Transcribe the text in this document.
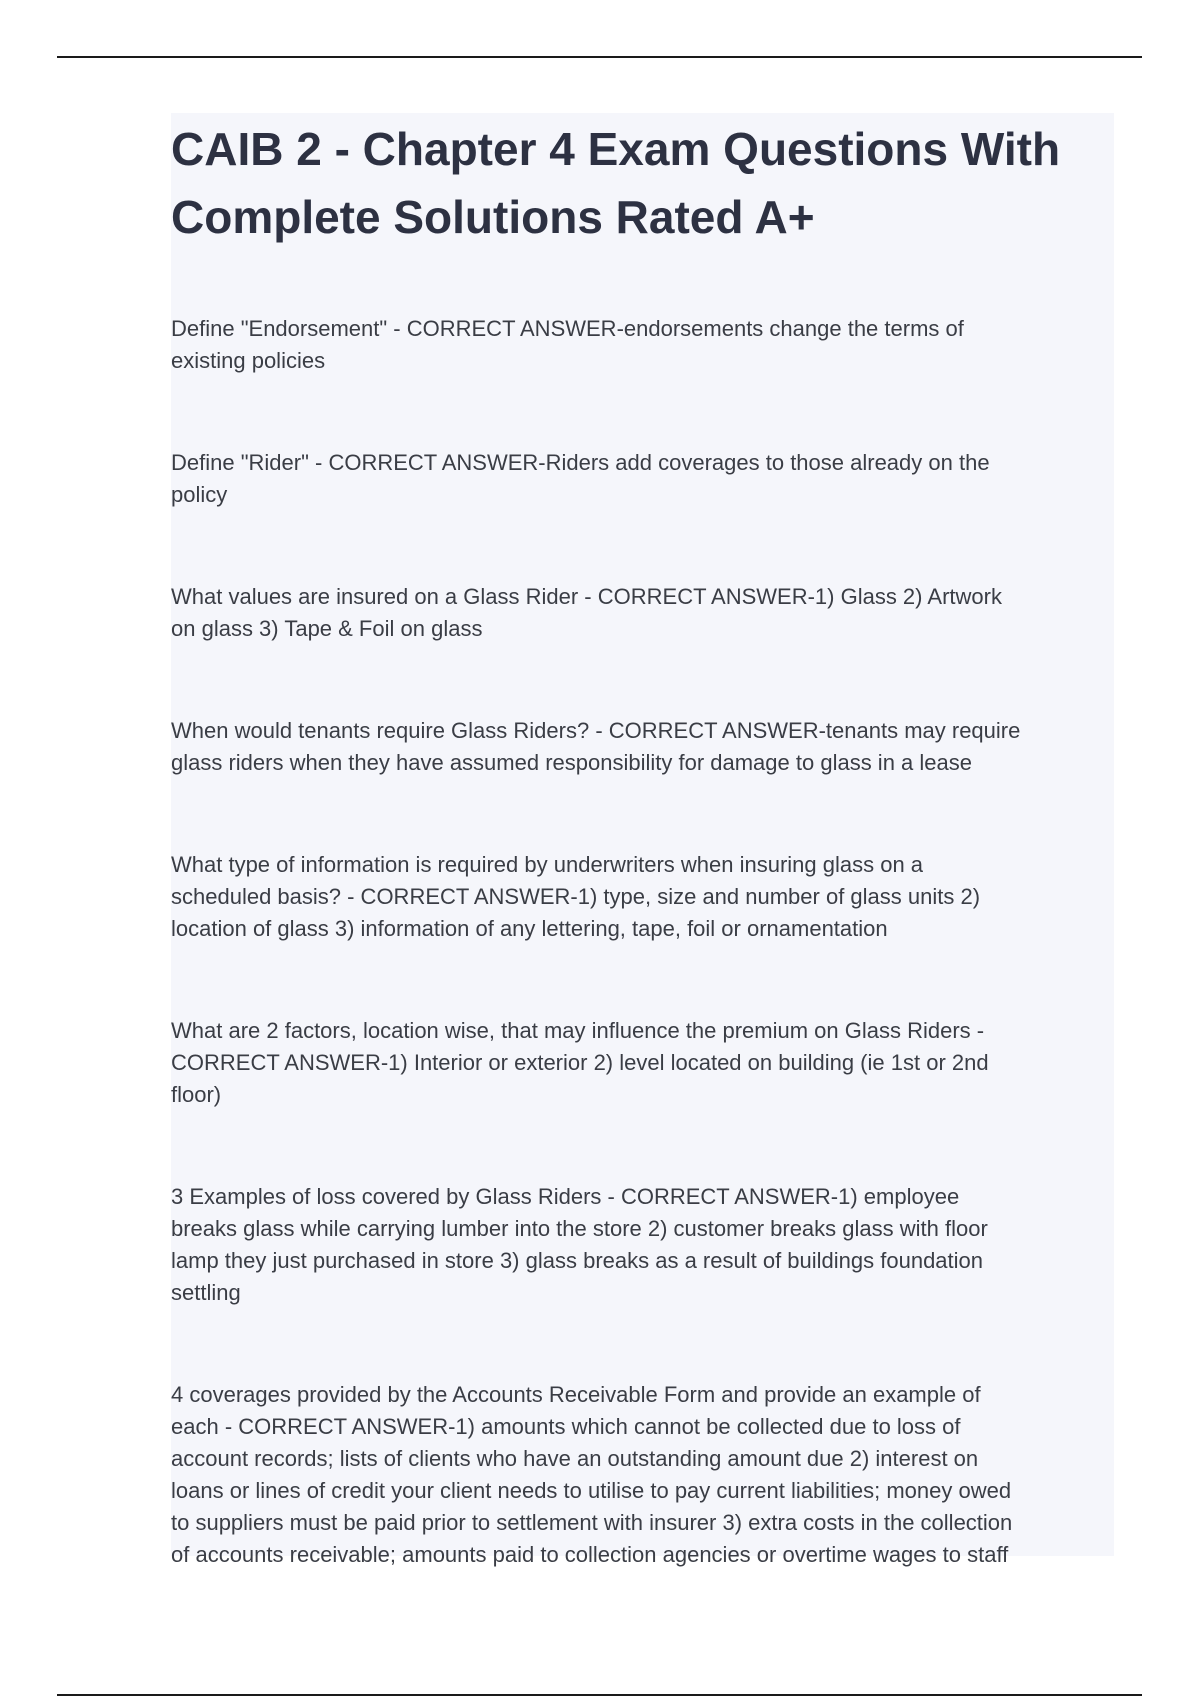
CAIB 2 - Chapter 4 Exam Questions With
Complete Solutions Rated A+
Define "Endorsement" - CORRECT ANSWER-endorsements change the terms of
existing policies
Define "Rider" - CORRECT ANSWER-Riders add coverages to those already on the
policy
What values are insured on a Glass Rider - CORRECT ANSWER-1) Glass 2) Artwork
on glass 3) Tape & Foil on glass
When would tenants require Glass Riders? - CORRECT ANSWER-tenants may require
glass riders when they have assumed responsibility for damage to glass in a lease
What type of information is required by underwriters when insuring glass on a
scheduled basis? - CORRECT ANSWER-1) type, size and number of glass units 2)
location of glass 3) information of any lettering, tape, foil or ornamentation
What are 2 factors, location wise, that may influence the premium on Glass Riders -
CORRECT ANSWER-1) Interior or exterior 2) level located on building (ie 1st or 2nd
floor)
3 Examples of loss covered by Glass Riders - CORRECT ANSWER-1) employee
breaks glass while carrying lumber into the store 2) customer breaks glass with floor
lamp they just purchased in store 3) glass breaks as a result of buildings foundation
settling
4 coverages provided by the Accounts Receivable Form and provide an example of
each - CORRECT ANSWER-1) amounts which cannot be collected due to loss of
account records; lists of clients who have an outstanding amount due 2) interest on
loans or lines of credit your client needs to utilise to pay current liabilities; money owed
to suppliers must be paid prior to settlement with insurer 3) extra costs in the collection
of accounts receivable; amounts paid to collection agencies or overtime wages to staff
